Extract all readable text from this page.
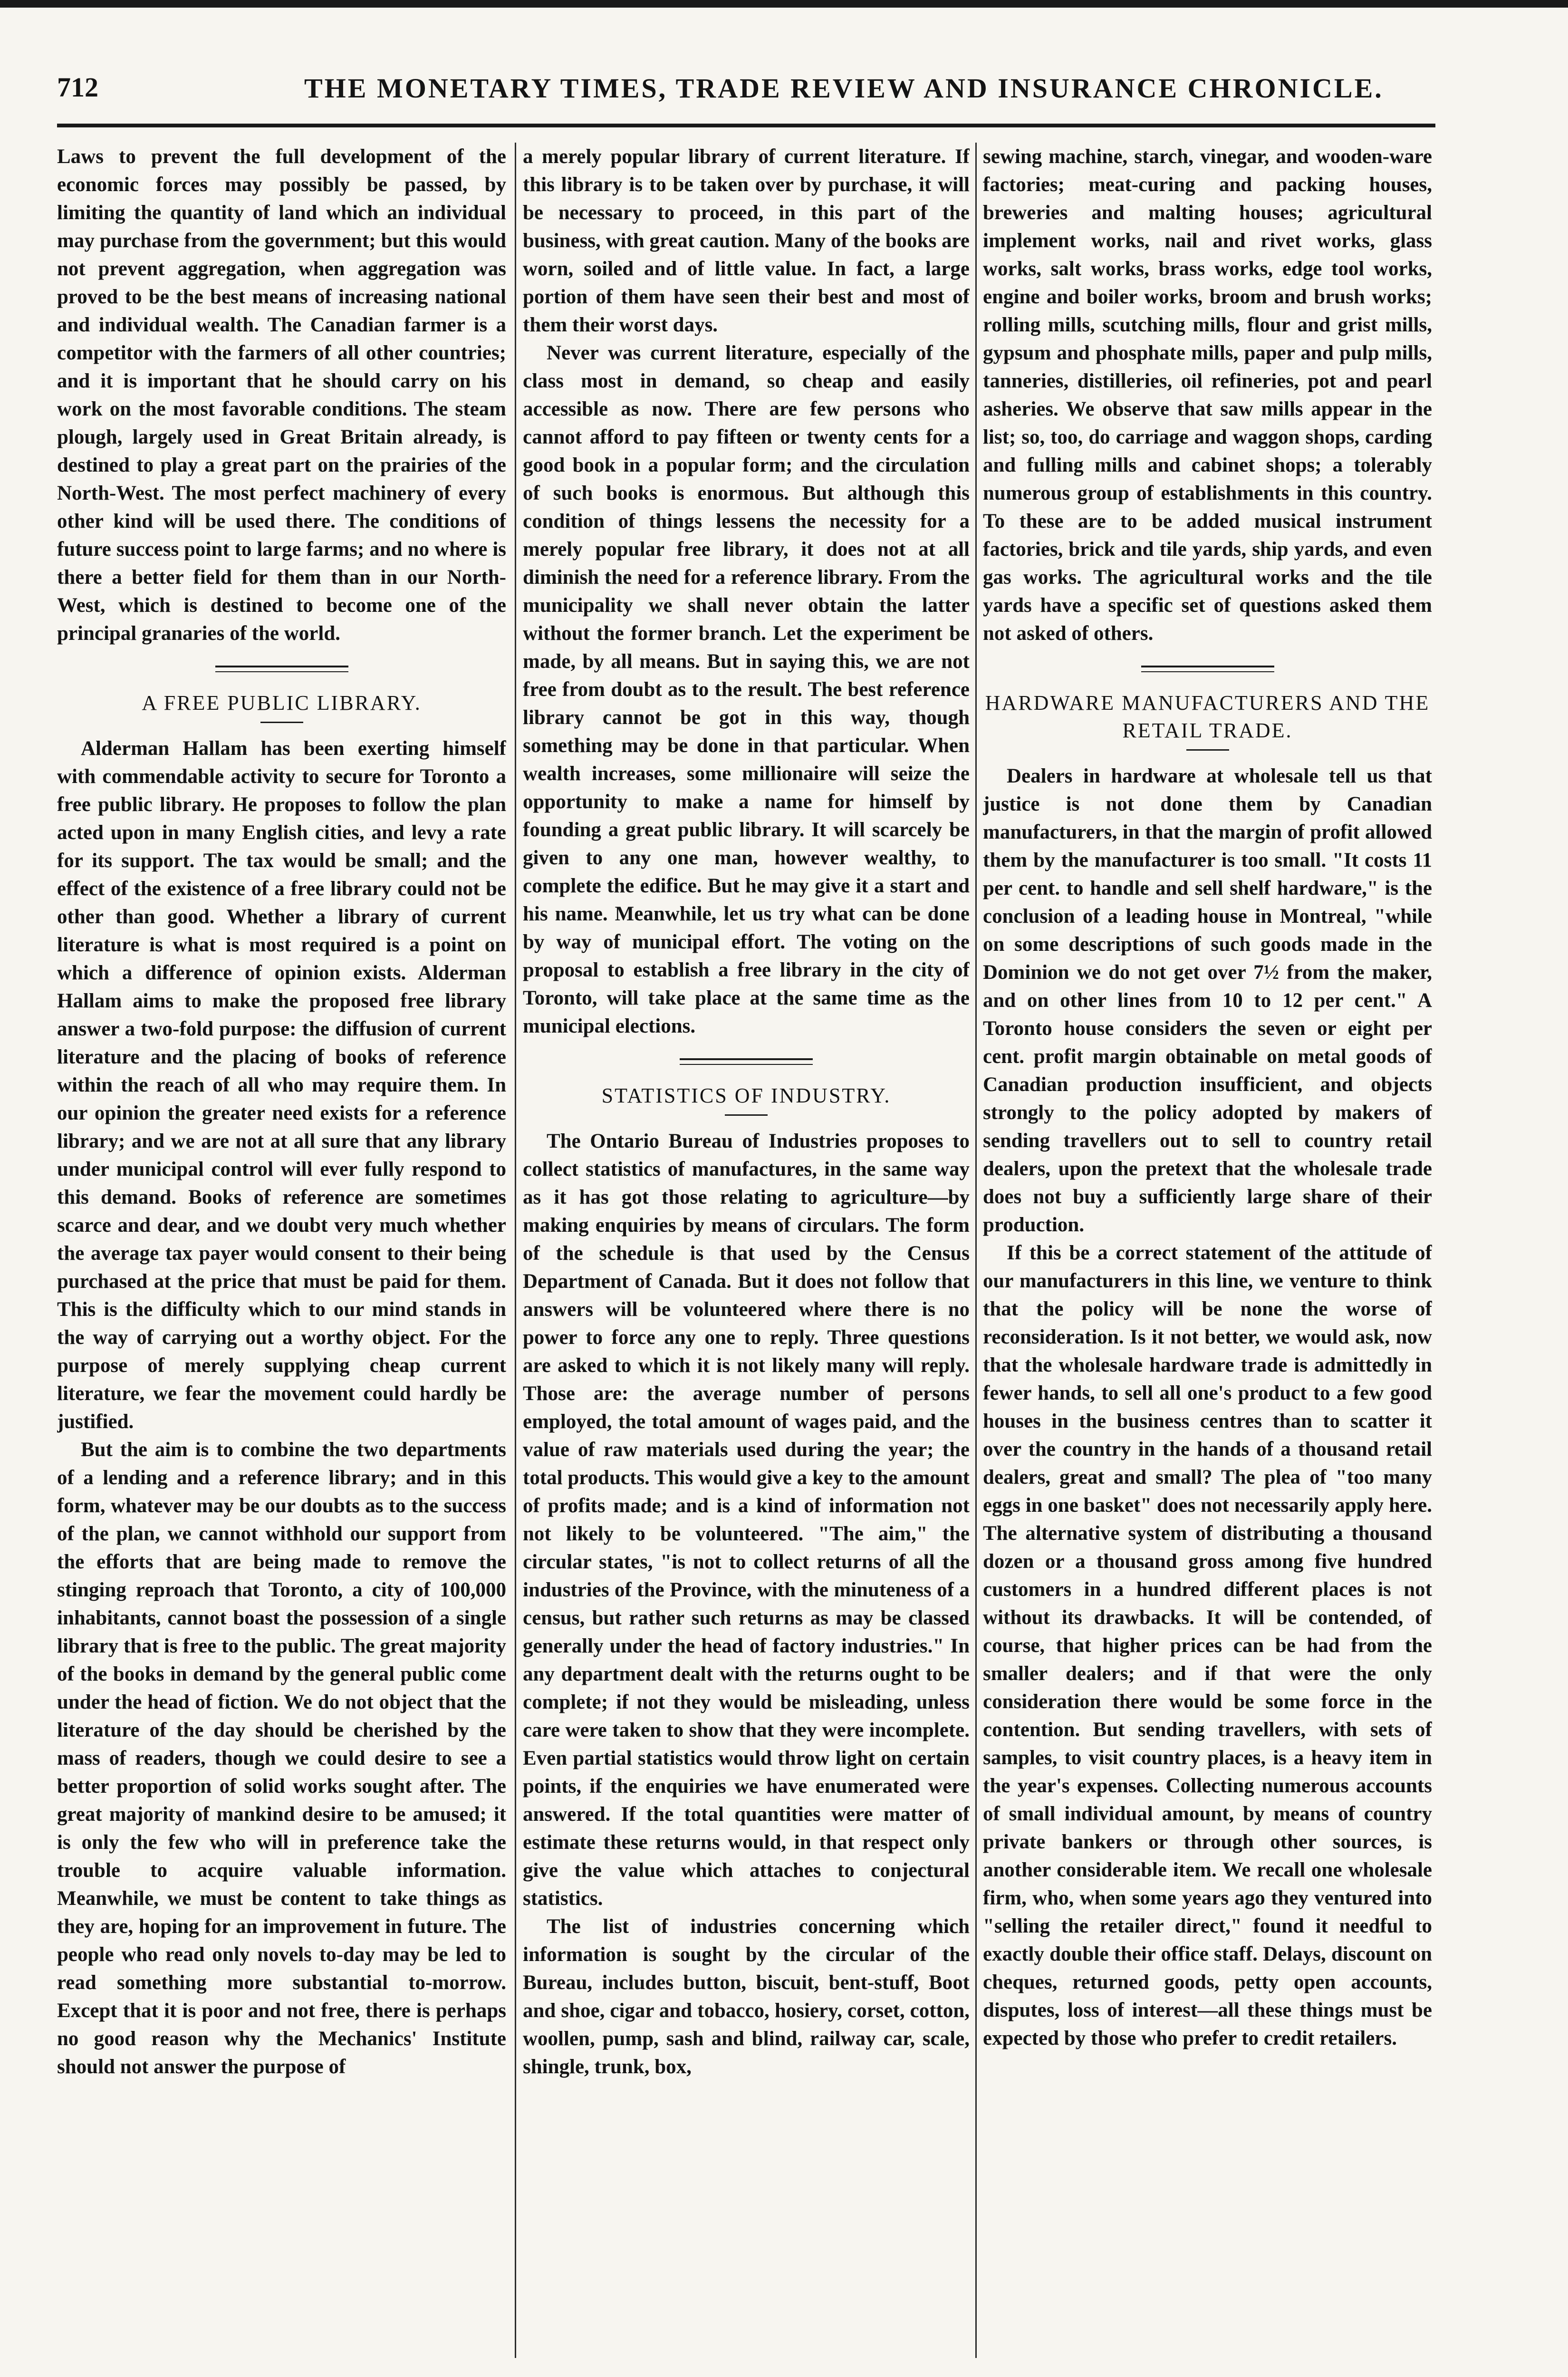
712	THE MONETARY TIMES, TRADE REVIEW AND INSURANCE CHRONICLE.

Laws to prevent the full development of the economic forces may possibly be passed, by limiting the quantity of land which an individual may purchase from the government; but this would not prevent aggregation, when aggregation was proved to be the best means of increasing national and individual wealth. The Canadian farmer is a competitor with the farmers of all other countries; and it is important that he should carry on his work on the most favorable conditions. The steam plough, largely used in Great Britain already, is destined to play a great part on the prairies of the North-West. The most perfect machinery of every other kind will be used there. The conditions of future success point to large farms; and no where is there a better field for them than in our North-West, which is destined to become one of the principal granaries of the world.

A FREE PUBLIC LIBRARY.

Alderman Hallam has been exerting himself with commendable activity to secure for Toronto a free public library. He proposes to follow the plan acted upon in many English cities, and levy a rate for its support. The tax would be small; and the effect of the existence of a free library could not be other than good. Whether a library of current literature is what is most required is a point on which a difference of opinion exists. Alderman Hallam aims to make the proposed free library answer a two-fold purpose: the diffusion of current literature and the placing of books of reference within the reach of all who may require them. In our opinion the greater need exists for a reference library; and we are not at all sure that any library under municipal control will ever fully respond to this demand. Books of reference are sometimes scarce and dear, and we doubt very much whether the average tax payer would consent to their being purchased at the price that must be paid for them. This is the difficulty which to our mind stands in the way of carrying out a worthy object. For the purpose of merely supplying cheap current literature, we fear the movement could hardly be justified.

But the aim is to combine the two departments of a lending and a reference library; and in this form, whatever may be our doubts as to the success of the plan, we cannot withhold our support from the efforts that are being made to remove the stinging reproach that Toronto, a city of 100,000 inhabitants, cannot boast the possession of a single library that is free to the public. The great majority of the books in demand by the general public come under the head of fiction. We do not object that the literature of the day should be cherished by the mass of readers, though we could desire to see a better proportion of solid works sought after. The great majority of mankind desire to be amused; it is only the few who will in preference take the trouble to acquire valuable information. Meanwhile, we must be content to take things as they are, hoping for an improvement in future. The people who read only novels to-day may be led to read something more substantial to-morrow. Except that it is poor and not free, there is perhaps no good reason why the Mechanics' Institute should not answer the purpose of

a merely popular library of current literature. If this library is to be taken over by purchase, it will be necessary to proceed, in this part of the business, with great caution. Many of the books are worn, soiled and of little value. In fact, a large portion of them have seen their best and most of them their worst days.

Never was current literature, especially of the class most in demand, so cheap and easily accessible as now. There are few persons who cannot afford to pay fifteen or twenty cents for a good book in a popular form; and the circulation of such books is enormous. But although this condition of things lessens the necessity for a merely popular free library, it does not at all diminish the need for a reference library. From the municipality we shall never obtain the latter without the former branch. Let the experiment be made, by all means. But in saying this, we are not free from doubt as to the result. The best reference library cannot be got in this way, though something may be done in that particular. When wealth increases, some millionaire will seize the opportunity to make a name for himself by founding a great public library. It will scarcely be given to any one man, however wealthy, to complete the edifice. But he may give it a start and his name. Meanwhile, let us try what can be done by way of municipal effort. The voting on the proposal to establish a free library in the city of Toronto, will take place at the same time as the municipal elections.

STATISTICS OF INDUSTRY.

The Ontario Bureau of Industries proposes to collect statistics of manufactures, in the same way as it has got those relating to agriculture—by making enquiries by means of circulars. The form of the schedule is that used by the Census Department of Canada. But it does not follow that answers will be volunteered where there is no power to force any one to reply. Three questions are asked to which it is not likely many will reply. Those are: the average number of persons employed, the total amount of wages paid, and the value of raw materials used during the year; the total products. This would give a key to the amount of profits made; and is a kind of information not not likely to be volunteered. "The aim," the circular states, "is not to collect returns of all the industries of the Province, with the minuteness of a census, but rather such returns as may be classed generally under the head of factory industries." In any department dealt with the returns ought to be complete; if not they would be misleading, unless care were taken to show that they were incomplete. Even partial statistics would throw light on certain points, if the enquiries we have enumerated were answered. If the total quantities were matter of estimate these returns would, in that respect only give the value which attaches to conjectural statistics.

The list of industries concerning which information is sought by the circular of the Bureau, includes button, biscuit, bent-stuff, Boot and shoe, cigar and tobacco, hosiery, corset, cotton, woollen, pump, sash and blind, railway car, scale, shingle, trunk, box,

sewing machine, starch, vinegar, and wooden-ware factories; meat-curing and packing houses, breweries and malting houses; agricultural implement works, nail and rivet works, glass works, salt works, brass works, edge tool works, engine and boiler works, broom and brush works; rolling mills, scutching mills, flour and grist mills, gypsum and phosphate mills, paper and pulp mills, tanneries, distilleries, oil refineries, pot and pearl asheries. We observe that saw mills appear in the list; so, too, do carriage and waggon shops, carding and fulling mills and cabinet shops; a tolerably numerous group of establishments in this country. To these are to be added musical instrument factories, brick and tile yards, ship yards, and even gas works. The agricultural works and the tile yards have a specific set of questions asked them not asked of others.

HARDWARE MANUFACTURERS AND THE RETAIL TRADE.

Dealers in hardware at wholesale tell us that justice is not done them by Canadian manufacturers, in that the margin of profit allowed them by the manufacturer is too small. "It costs 11 per cent. to handle and sell shelf hardware," is the conclusion of a leading house in Montreal, "while on some descriptions of such goods made in the Dominion we do not get over 7½ from the maker, and on other lines from 10 to 12 per cent." A Toronto house considers the seven or eight per cent. profit margin obtainable on metal goods of Canadian production insufficient, and objects strongly to the policy adopted by makers of sending travellers out to sell to country retail dealers, upon the pretext that the wholesale trade does not buy a sufficiently large share of their production.

If this be a correct statement of the attitude of our manufacturers in this line, we venture to think that the policy will be none the worse of reconsideration. Is it not better, we would ask, now that the wholesale hardware trade is admittedly in fewer hands, to sell all one's product to a few good houses in the business centres than to scatter it over the country in the hands of a thousand retail dealers, great and small? The plea of "too many eggs in one basket" does not necessarily apply here. The alternative system of distributing a thousand dozen or a thousand gross among five hundred customers in a hundred different places is not without its drawbacks. It will be contended, of course, that higher prices can be had from the smaller dealers; and if that were the only consideration there would be some force in the contention. But sending travellers, with sets of samples, to visit country places, is a heavy item in the year's expenses. Collecting numerous accounts of small individual amount, by means of country private bankers or through other sources, is another considerable item. We recall one wholesale firm, who, when some years ago they ventured into "selling the retailer direct," found it needful to exactly double their office staff. Delays, discount on cheques, returned goods, petty open accounts, disputes, loss of interest—all these things must be expected by those who prefer to credit retailers.
